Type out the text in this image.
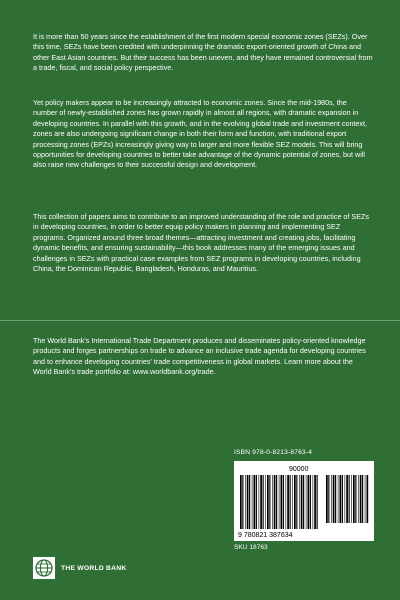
It is more than 50 years since the establishment of the first modern special economic zones (SEZs). Over this time, SEZs have been credited with underpinning the dramatic export-oriented growth of China and other East Asian countries. But their success has been uneven, and they have remained controversial from a trade, fiscal, and social policy perspective.

Yet policy makers appear to be increasingly attracted to economic zones. Since the mid-1980s, the number of newly-established zones has grown rapidly in almost all regions, with dramatic expansion in developing countries. In parallel with this growth, and in the evolving global trade and investment context, zones are also undergoing significant change in both their form and function, with traditional export processing zones (EPZs) increasingly giving way to larger and more flexible SEZ models. This will bring opportunities for developing countries to better take advantage of the dynamic potential of zones, but will also raise new challenges to their successful design and development.

This collection of papers aims to contribute to an improved understanding of the role and practice of SEZs in developing countries, in order to better equip policy makers in planning and implementing SEZ programs. Organized around three broad themes—attracting investment and creating jobs, facilitating dynamic benefits, and ensuring sustainability—this book addresses many of the emerging issues and challenges in SEZs with practical case examples from SEZ programs in developing countries, including China, the Dominican Republic, Bangladesh, Honduras, and Mauritius.

The World Bank's International Trade Department produces and disseminates policy-oriented knowledge products and forges partnerships on trade to advance an inclusive trade agenda for developing countries and to enhance developing countries' trade competitiveness in global markets. Learn more about the World Bank's trade portfolio at: www.worldbank.org/trade.

ISBN 978-0-8213-8763-4
90000
9 780821 387634
SKU 18763
THE WORLD BANK
